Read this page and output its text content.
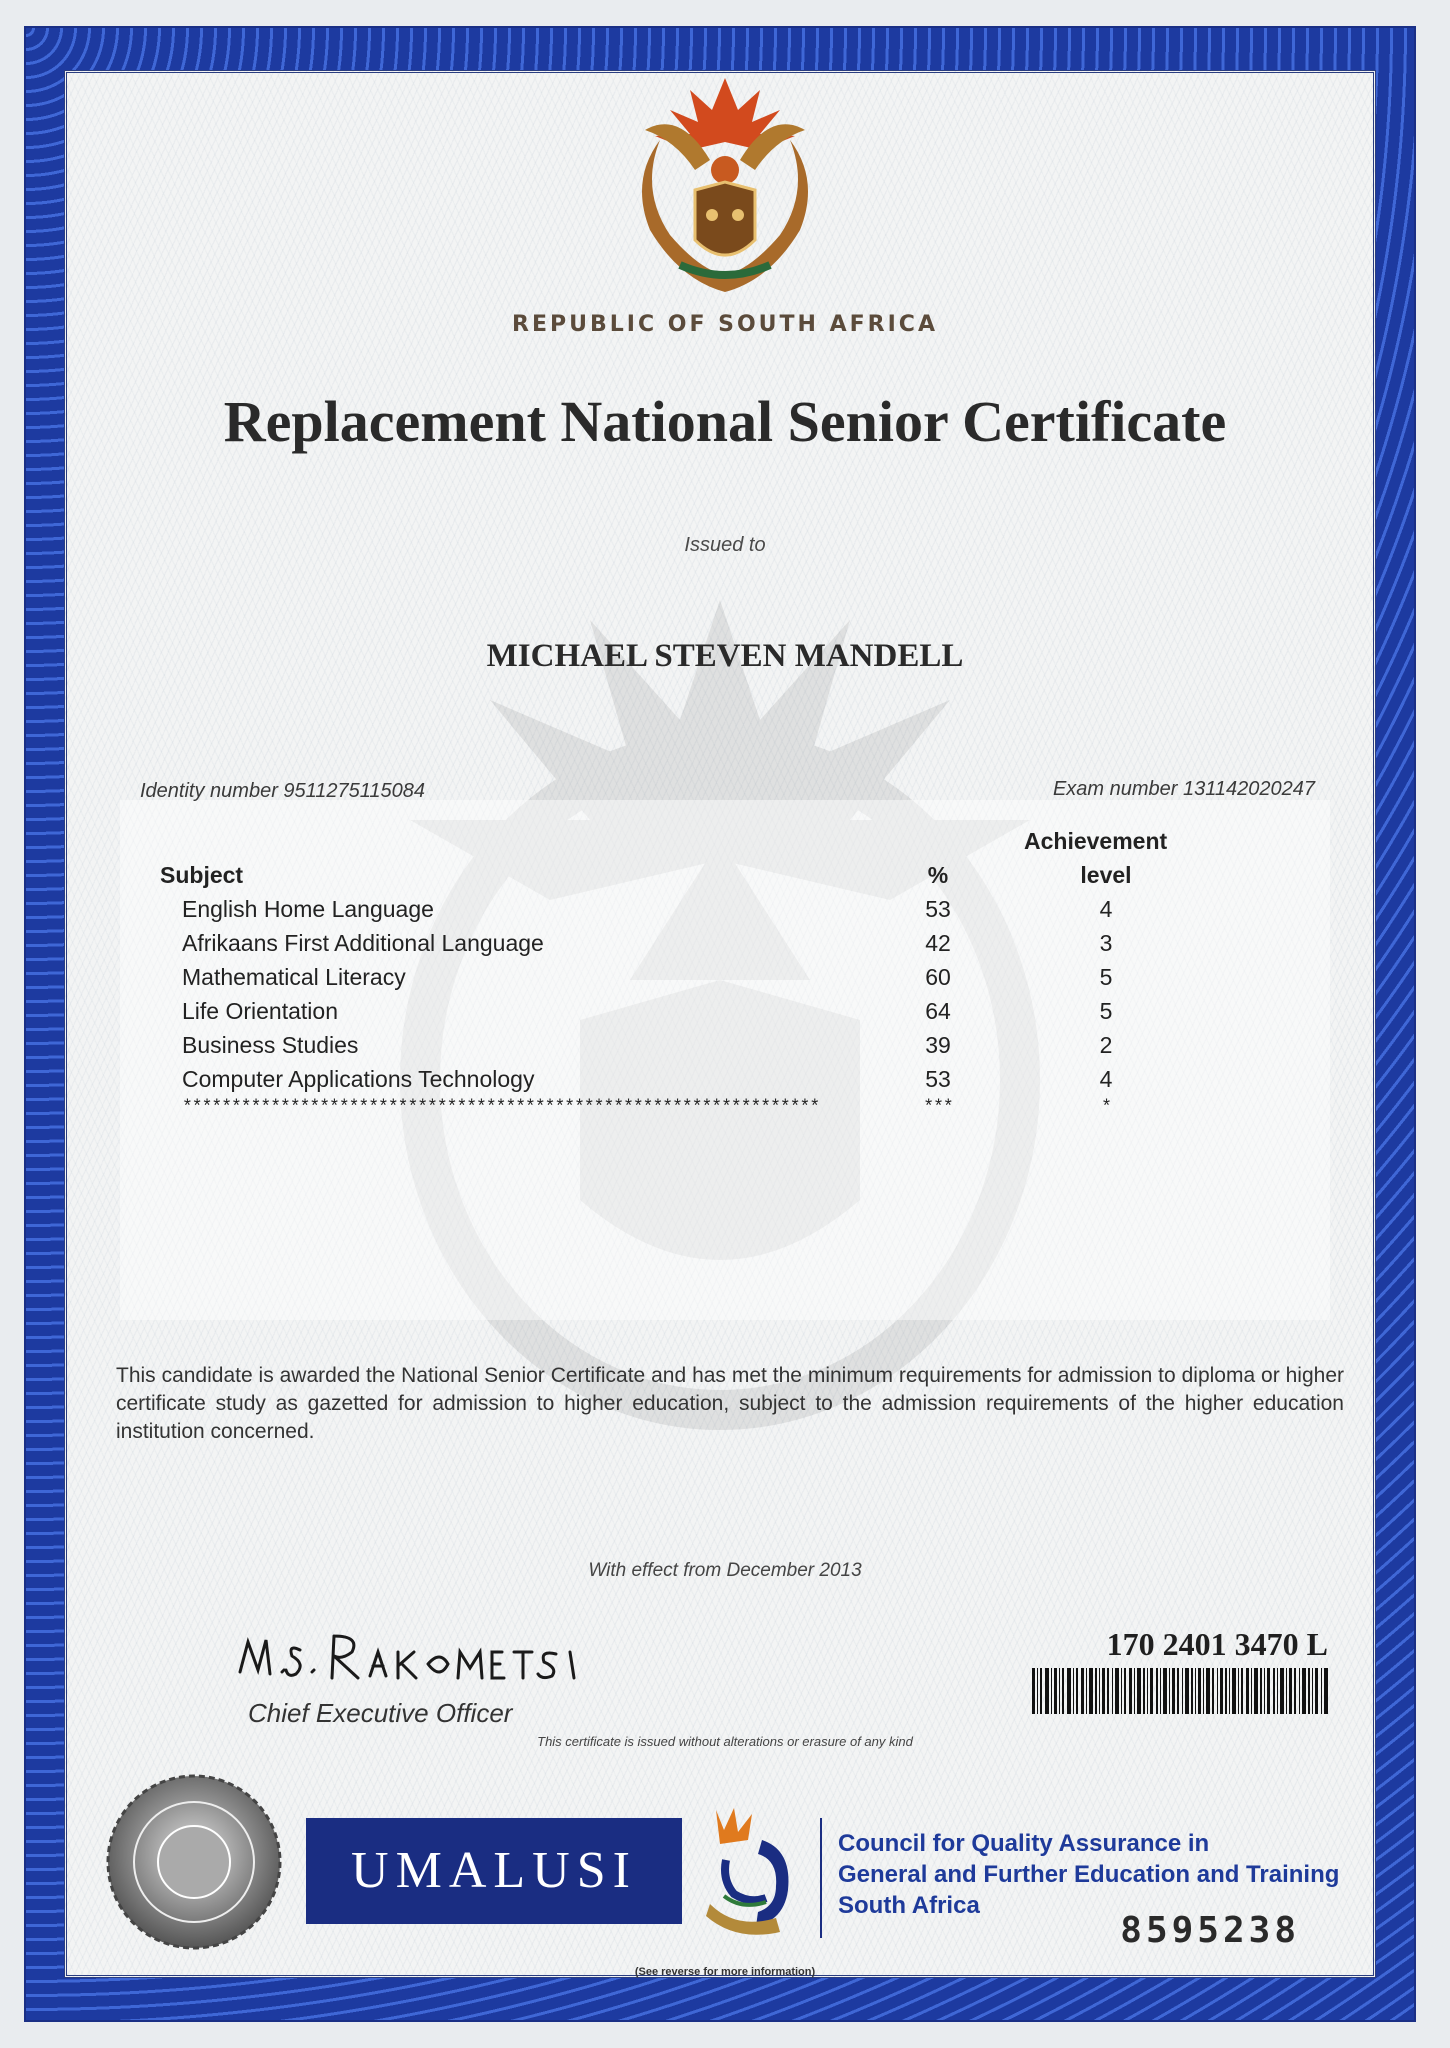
REPUBLIC OF SOUTH AFRICA
Replacement National Senior Certificate
Issued to
MICHAEL STEVEN MANDELL
Identity number 9511275115084	Exam number 131142020247
Subject	%
Achievement
level
English Home Language	53	4
Afrikaans First Additional Language	42	3
Mathematical Literacy	60	5
Life Orientation	64	5
Business Studies	39	2
Computer Applications Technology	53	4
*****************************************************************	***	*
This candidate is awarded the National Senior Certificate and has met the minimum requirements for admission to diploma or higher certificate study as gazetted for admission to higher education, subject to the admission requirements of the higher education institution concerned.
With effect from December 2013
Chief Executive Officer
This certificate is issued without alterations or erasure of any kind
170 2401 3470 L
UMALUSI	Council for Quality Assurance in
General and Further Education and Training
South Africa
8595238
(See reverse for more information)
